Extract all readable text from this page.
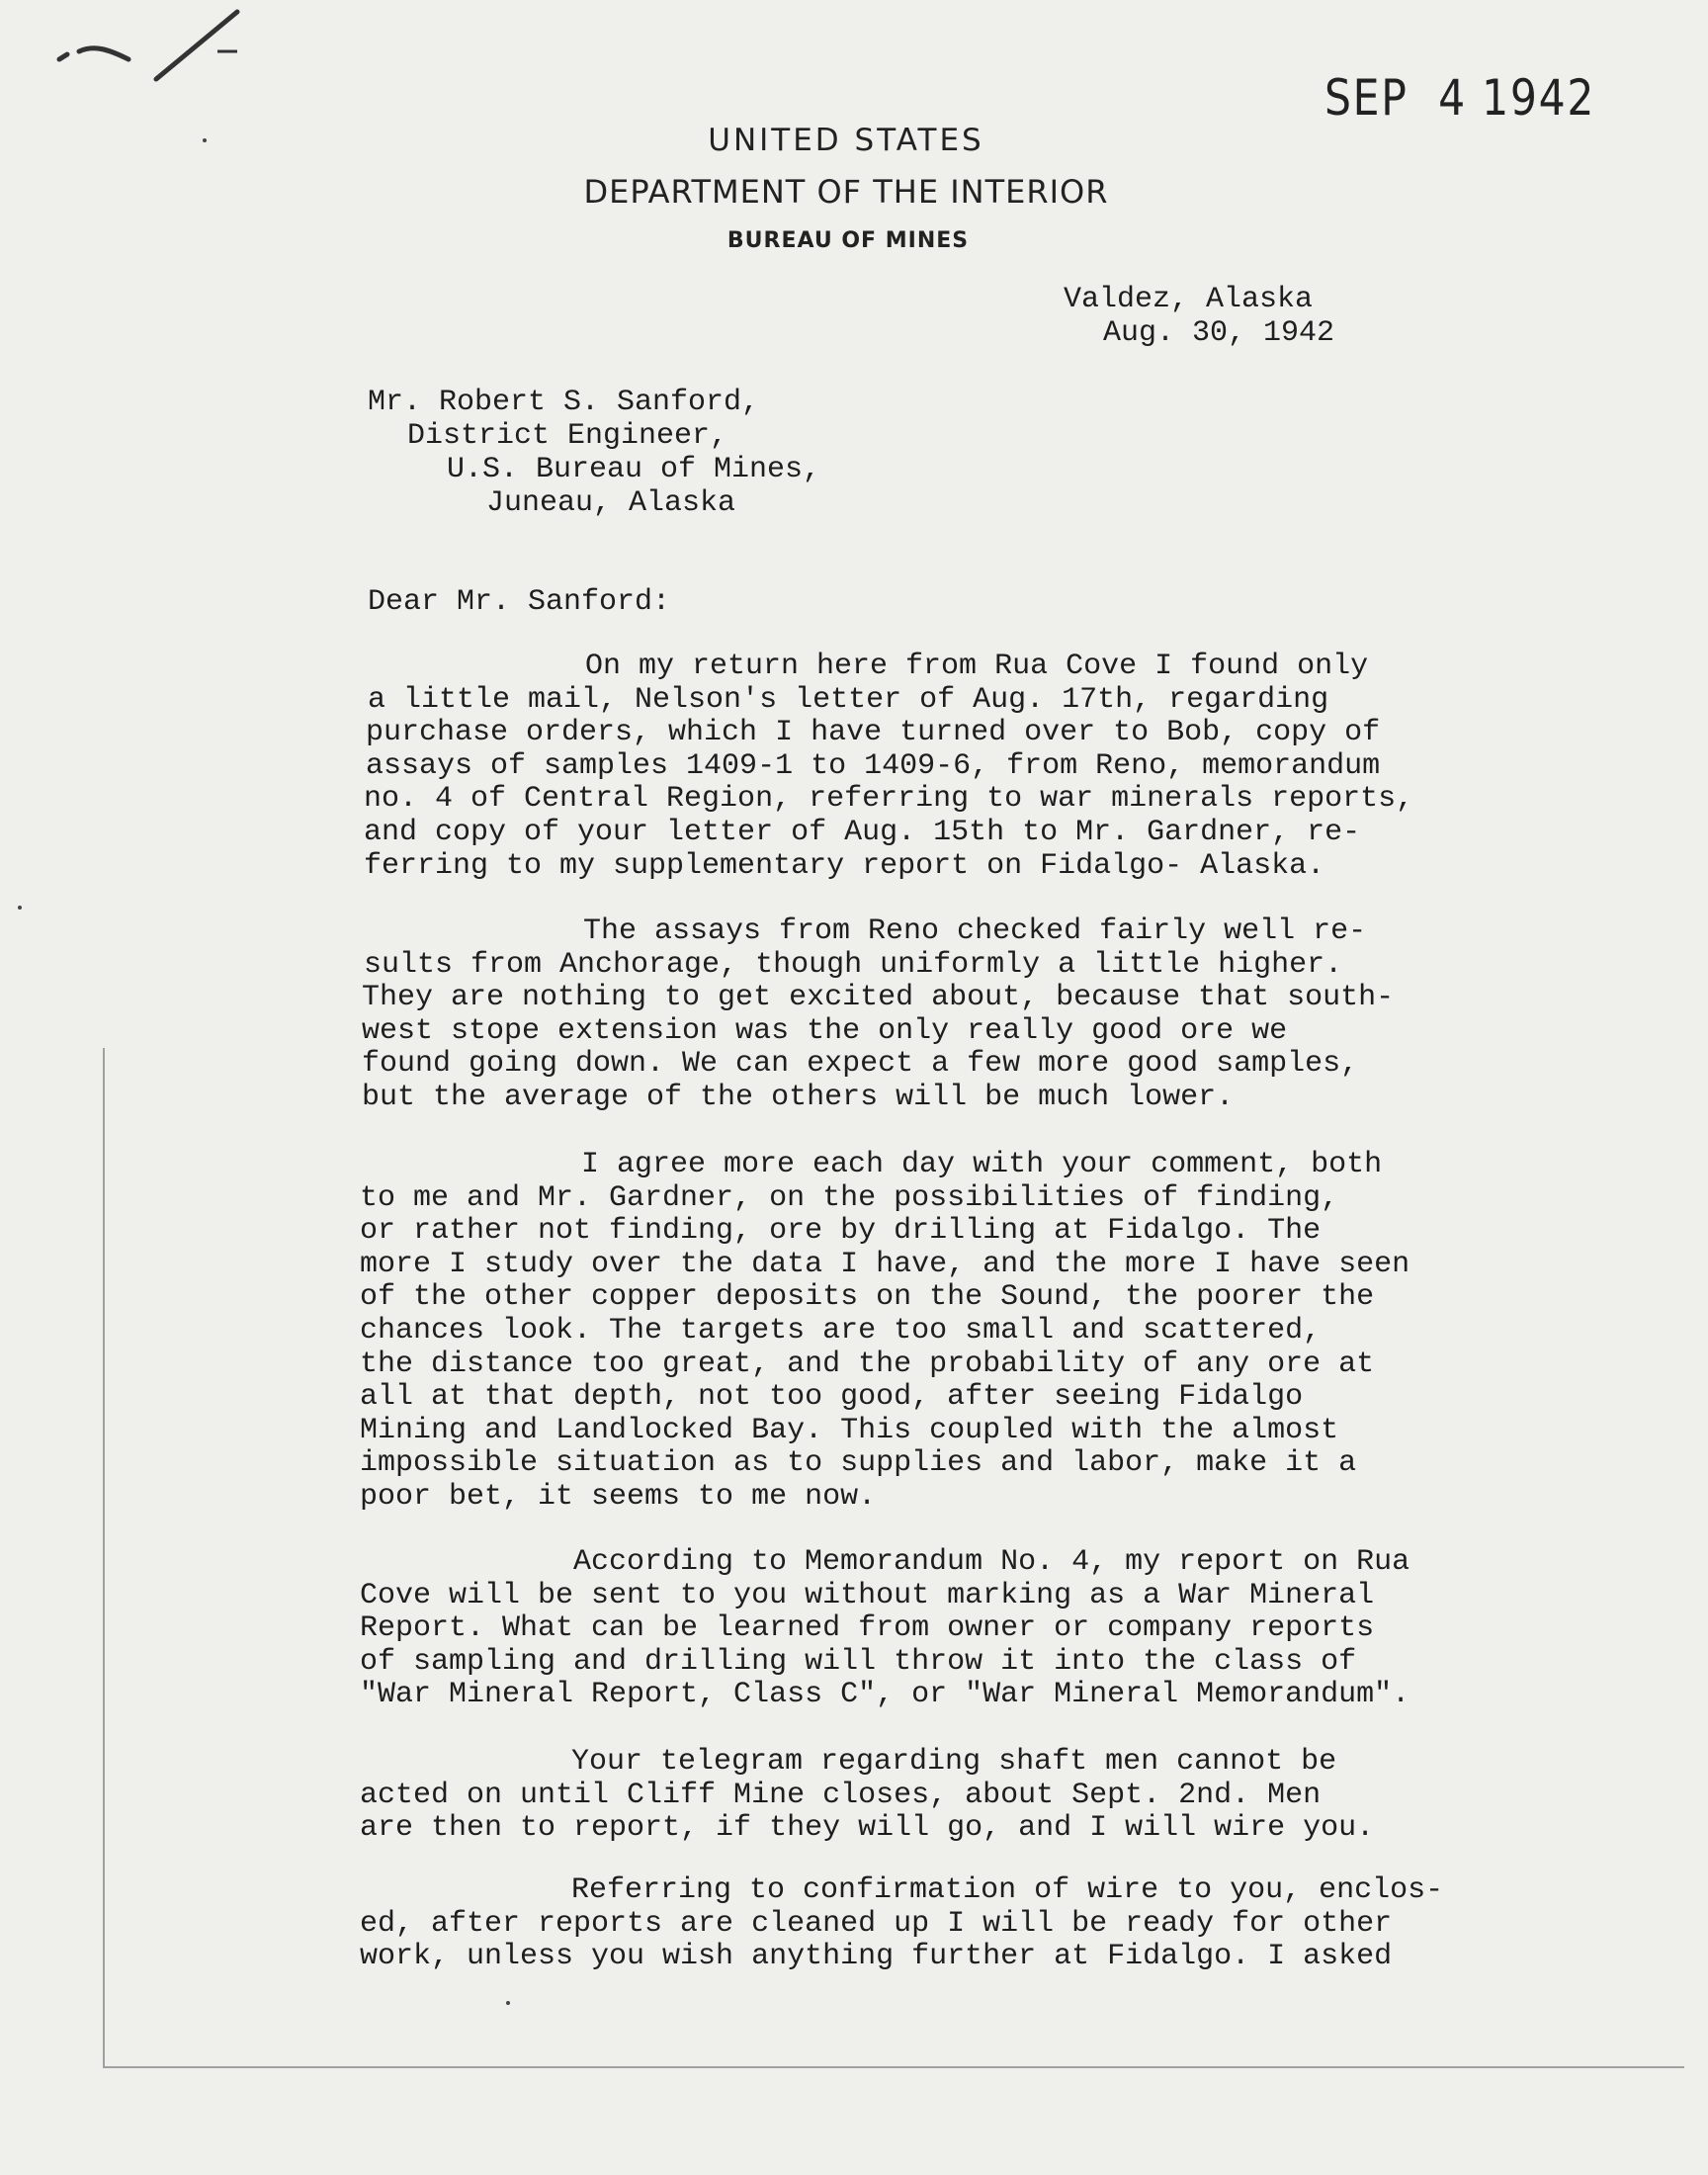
SEP 4 1942
UNITED STATES
DEPARTMENT OF THE INTERIOR
BUREAU OF MINES
Valdez, Alaska
Aug. 30, 1942
Mr. Robert S. Sanford,
District Engineer,
U.S. Bureau of Mines,
Juneau, Alaska
Dear Mr. Sanford:
On my return here from Rua Cove I found only
a little mail, Nelson's letter of Aug. 17th, regarding
purchase orders, which I have turned over to Bob, copy of
assays of samples 1409-1 to 1409-6, from Reno, memorandum
no. 4 of Central Region, referring to war minerals reports,
and copy of your letter of Aug. 15th to Mr. Gardner, re-
ferring to my supplementary report on Fidalgo- Alaska.
The assays from Reno checked fairly well re-
sults from Anchorage, though uniformly a little higher.
They are nothing to get excited about, because that south-
west stope extension was the only really good ore we
found going down. We can expect a few more good samples,
but the average of the others will be much lower.
I agree more each day with your comment, both
to me and Mr. Gardner, on the possibilities of finding,
or rather not finding, ore by drilling at Fidalgo. The
more I study over the data I have, and the more I have seen
of the other copper deposits on the Sound, the poorer the
chances look. The targets are too small and scattered,
the distance too great, and the probability of any ore at
all at that depth, not too good, after seeing Fidalgo
Mining and Landlocked Bay. This coupled with the almost
impossible situation as to supplies and labor, make it a
poor bet, it seems to me now.
According to Memorandum No. 4, my report on Rua
Cove will be sent to you without marking as a War Mineral
Report. What can be learned from owner or company reports
of sampling and drilling will throw it into the class of
"War Mineral Report, Class C", or "War Mineral Memorandum".
Your telegram regarding shaft men cannot be
acted on until Cliff Mine closes, about Sept. 2nd. Men
are then to report, if they will go, and I will wire you.
Referring to confirmation of wire to you, enclos-
ed, after reports are cleaned up I will be ready for other
work, unless you wish anything further at Fidalgo. I asked
